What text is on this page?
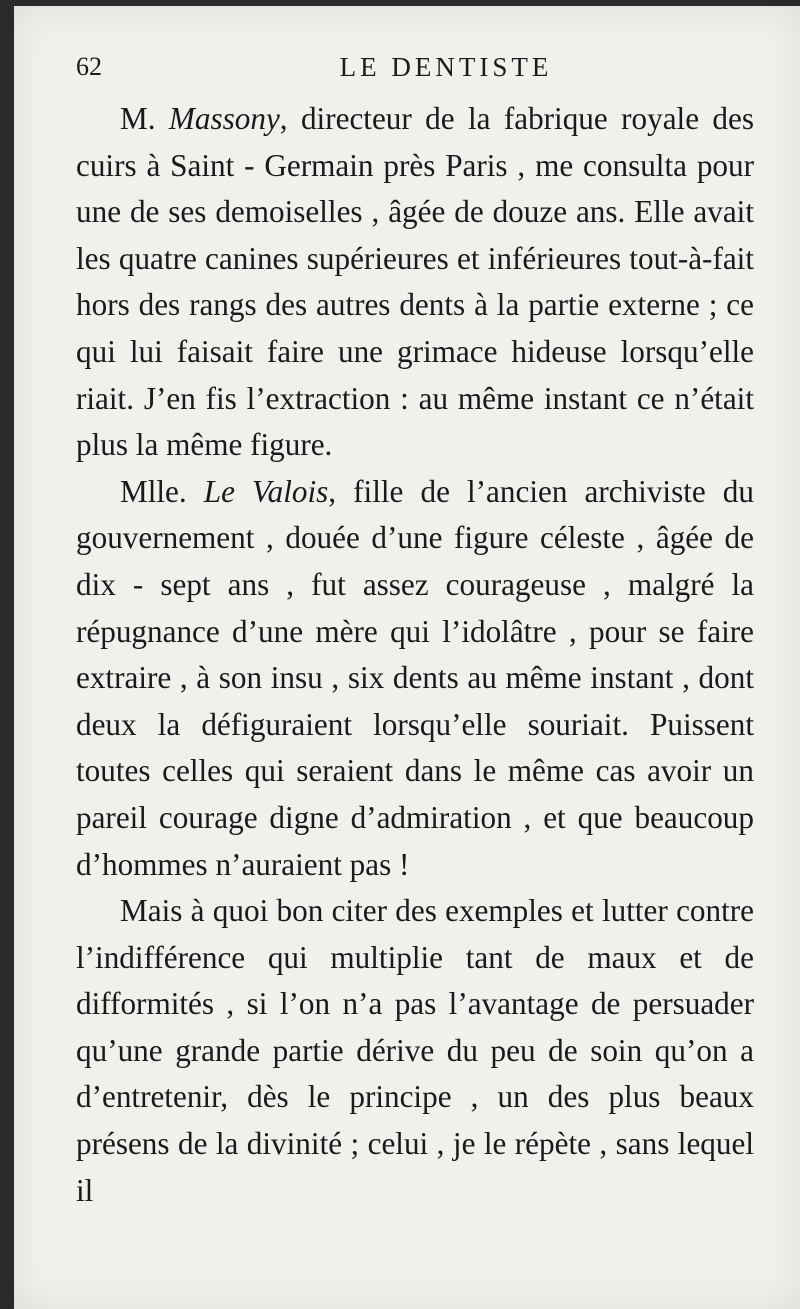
62	LE DENTISTE

M. Massony, directeur de la fabrique royale des cuirs à Saint - Germain près Paris , me consulta pour une de ses demoiselles , âgée de douze ans. Elle avait les quatre canines supérieures et inférieures tout-à-fait hors des rangs des autres dents à la partie externe ; ce qui lui faisait faire une grimace hideuse lorsqu’elle riait. J’en fis l’extraction : au même instant ce n’était plus la même figure.

Mlle. Le Valois, fille de l’ancien archiviste du gouvernement , douée d’une figure céleste , âgée de dix - sept ans , fut assez courageuse , malgré la répugnance d’une mère qui l’idolâtre , pour se faire extraire , à son insu , six dents au même instant , dont deux la défiguraient lorsqu’elle souriait. Puissent toutes celles qui seraient dans le même cas avoir un pareil courage digne d’admiration , et que beaucoup d’hommes n’auraient pas !

Mais à quoi bon citer des exemples et lutter contre l’indifférence qui multiplie tant de maux et de difformités , si l’on n’a pas l’avantage de persuader qu’une grande partie dérive du peu de soin qu’on a d’entretenir, dès le principe , un des plus beaux présens de la divinité ; celui , je le répète , sans lequel il
